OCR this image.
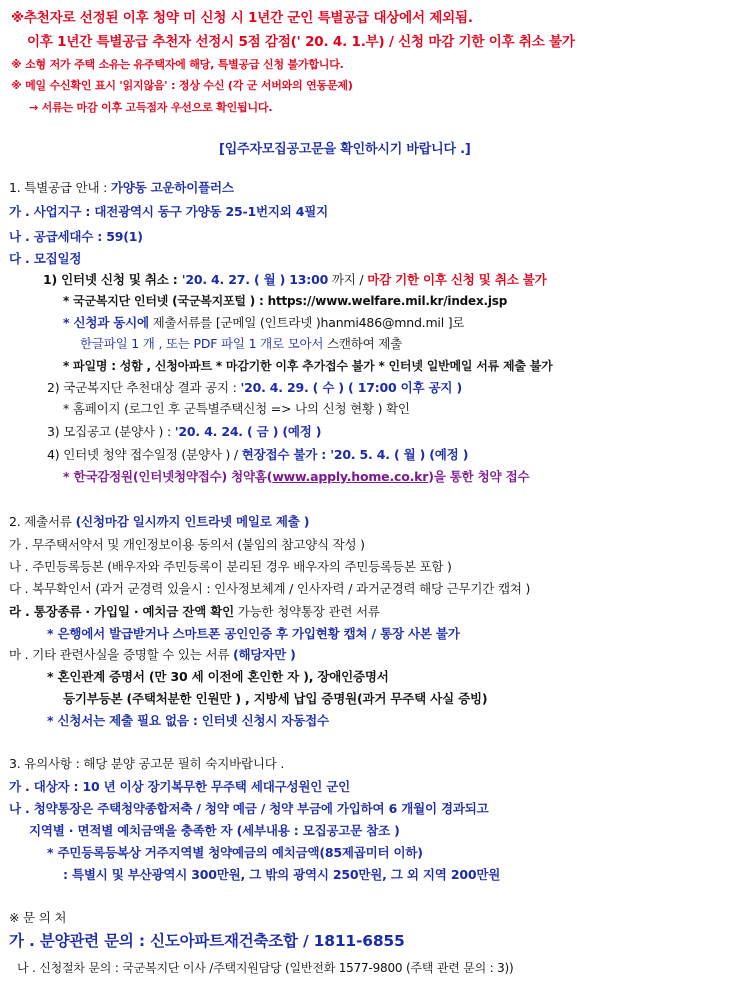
※추천자로 선정된 이후 청약 미 신청 시 1년간 군인 특별공급 대상에서 제외됨.
이후 1년간 특별공급 추천자 선정시 5점 감점(' 20. 4. 1.부) / 신청 마감 기한 이후 취소 불가
※ 소형 저가 주택 소유는 유주택자에 해당, 특별공급 신청 불가합니다.
※ 메일 수신확인 표시 '읽지않음' : 정상 수신 (각 군 서버와의 연동문제)
→ 서류는 마감 이후 고득점자 우선으로 확인됩니다.
[입주자모집공고문을 확인하시기 바랍니다 .]
1. 특별공급 안내 : 가양동 고운하이플러스
가 . 사업지구 : 대전광역시 동구 가양동 25-1번지외 4필지
나 . 공급세대수 : 59(1)
다 . 모집일정
1) 인터넷 신청 및 취소 : '20. 4. 27. ( 월 ) 13:00 까지 / 마감 기한 이후 신청 및 취소 불가
* 국군복지단 인터넷 (국군복지포털 ) : https://www.welfare.mil.kr/index.jsp
* 신청과 동시에 제출서류를 [군메일 (인트라넷 )hanmi486@mnd.mil ]로
한글파일 1 개 , 또는 PDF 파일 1 개로 모아서 스캔하여 제출
* 파일명 : 성함 , 신청아파트 * 마감기한 이후 추가접수 불가 * 인터넷 일반메일 서류 제출 불가
2) 국군복지단 추천대상 결과 공지 : '20. 4. 29. ( 수 ) ( 17:00 이후 공지 )
* 홈페이지 (로그인 후 군특별주택신청 => 나의 신청 현황 ) 확인
3) 모집공고 (분양사 ) : '20. 4. 24. ( 금 ) (예정 )
4) 인터넷 청약 접수일정 (분양사 ) / 현장접수 불가 : '20. 5. 4. ( 월 ) (예정 )
* 한국감정원(인터넷청약접수) 청약홈(www.apply.home.co.kr)을 통한 청약 접수
2. 제출서류 (신청마감 일시까지 인트라넷 메일로 제출 )
가 . 무주택서약서 및 개인정보이용 동의서 (붙임의 참고양식 작성 )
나 . 주민등록등본 (배우자와 주민등록이 분리된 경우 배우자의 주민등록등본 포함 )
다 . 복무확인서 (과거 군경력 있을시 : 인사정보체계 / 인사자력 / 과거군경력 해당 근무기간 캡쳐 )
라 . 통장종류 · 가입일 · 예치금 잔액 확인 가능한 청약통장 관련 서류
* 은행에서 발급받거나 스마트폰 공인인증 후 가입현황 캡쳐 / 통장 사본 불가
마 . 기타 관련사실을 증명할 수 있는 서류 (해당자만 )
* 혼인관계 증명서 (만 30 세 이전에 혼인한 자 ), 장애인증명서
등기부등본 (주택처분한 인원만 ) , 지방세 납입 증명원(과거 무주택 사실 증빙)
* 신청서는 제출 필요 없음 : 인터넷 신청시 자동접수
3. 유의사항 : 해당 분양 공고문 필히 숙지바랍니다 .
가 . 대상자 : 10 년 이상 장기복무한 무주택 세대구성원인 군인
나 . 청약통장은 주택청약종합저축 / 청약 예금 / 청약 부금에 가입하여 6 개월이 경과되고
지역별 · 면적별 예치금액을 충족한 자 (세부내용 : 모집공고문 참조 )
* 주민등록등복상 거주지역별 청약예금의 예치금액(85제곱미터 이하)
: 특별시 및 부산광역시 300만원, 그 밖의 광역시 250만원, 그 외 지역 200만원
※ 문 의 처
가 . 분양관련 문의 : 신도아파트재건축조합 / 1811-6855
나 . 신청절차 문의 : 국군복지단 이사 /주택지원담당 (일반전화 1577-9800 (주택 관련 문의 : 3))
